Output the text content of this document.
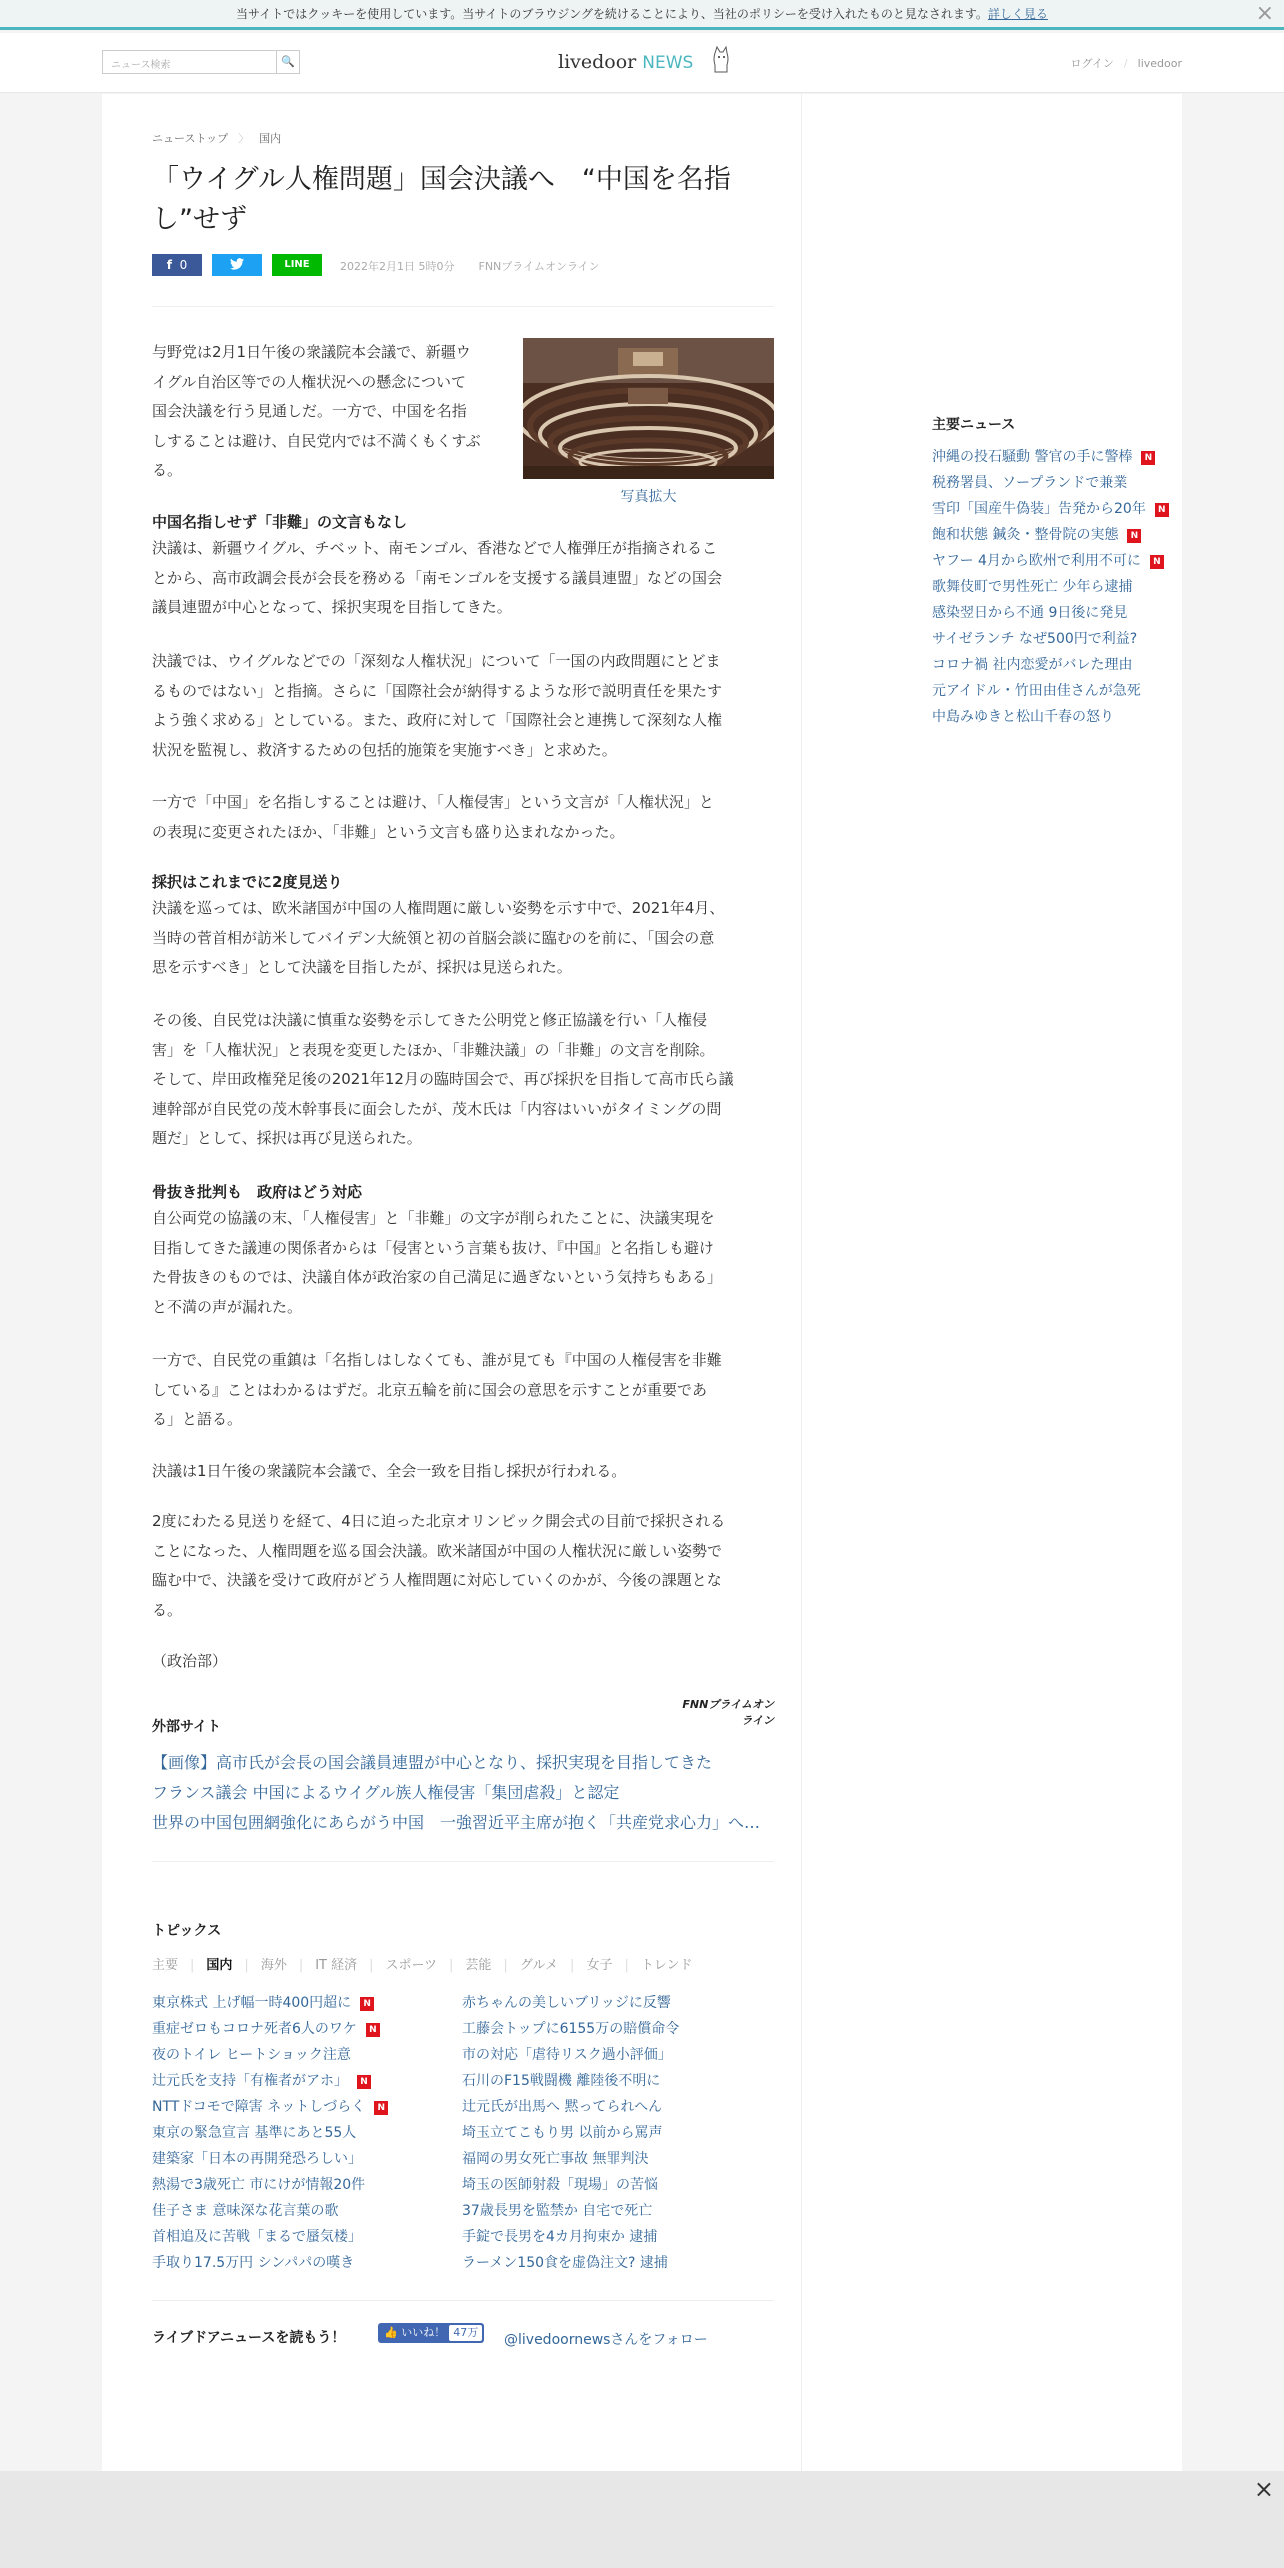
当サイトではクッキーを使用しています。当サイトのブラウジングを続けることにより、当社のポリシーを受け入れたものと見なされます。詳しく見る	×
ニュース検索	🔍	livedoor NEWS	ログイン / livedoor
ニューストップ 〉 国内
「ウイグル人権問題」国会決議へ　“中国を名指し”せず
f 0	LINE	2022年2月1日 5時0分 FNNプライムオンライン
写真拡大
与野党は2月1日午後の衆議院本会議で、新疆ウ
イグル自治区等での人権状況への懸念について
国会決議を行う見通しだ。一方で、中国を名指
しすることは避け、自民党内では不満くもくすぶ
る。
中国名指しせず「非難」の文言もなし
決議は、新疆ウイグル、チベット、南モンゴル、香港などで人権弾圧が指摘されるこ
とから、高市政調会長が会長を務める「南モンゴルを支援する議員連盟」などの国会
議員連盟が中心となって、採択実現を目指してきた。
決議では、ウイグルなどでの「深刻な人権状況」について「一国の内政問題にとどま
るものではない」と指摘。さらに「国際社会が納得するような形で説明責任を果たす
よう強く求める」としている。また、政府に対して「国際社会と連携して深刻な人権
状況を監視し、救済するための包括的施策を実施すべき」と求めた。
一方で「中国」を名指しすることは避け、「人権侵害」という文言が「人権状況」と
の表現に変更されたほか、「非難」という文言も盛り込まれなかった。
採択はこれまでに2度見送り
決議を巡っては、欧米諸国が中国の人権問題に厳しい姿勢を示す中で、2021年4月、
当時の菅首相が訪米してバイデン大統領と初の首脳会談に臨むのを前に、「国会の意
思を示すべき」として決議を目指したが、採択は見送られた。
その後、自民党は決議に慎重な姿勢を示してきた公明党と修正協議を行い「人権侵
害」を「人権状況」と表現を変更したほか、「非難決議」の「非難」の文言を削除。
そして、岸田政権発足後の2021年12月の臨時国会で、再び採択を目指して高市氏ら議
連幹部が自民党の茂木幹事長に面会したが、茂木氏は「内容はいいがタイミングの問
題だ」として、採択は再び見送られた。
骨抜き批判も　政府はどう対応
自公両党の協議の末、「人権侵害」と「非難」の文字が削られたことに、決議実現を
目指してきた議連の関係者からは「侵害という言葉も抜け、『中国』と名指しも避け
た骨抜きのものでは、決議自体が政治家の自己満足に過ぎないという気持ちもある」
と不満の声が漏れた。
一方で、自民党の重鎮は「名指しはしなくても、誰が見ても『中国の人権侵害を非難
している』ことはわかるはずだ。北京五輪を前に国会の意思を示すことが重要であ
る」と語る。
決議は1日午後の衆議院本会議で、全会一致を目指し採択が行われる。
2度にわたる見送りを経て、4日に迫った北京オリンピック開会式の目前で採択される
ことになった、人権問題を巡る国会決議。欧米諸国が中国の人権状況に厳しい姿勢で
臨む中で、決議を受けて政府がどう人権問題に対応していくのかが、今後の課題とな
る。
（政治部）
FNNプライムオンライン
外部サイト
【画像】高市氏が会長の国会議員連盟が中心となり、採択実現を目指してきた
フランス議会 中国によるウイグル族人権侵害「集団虐殺」と認定
世界の中国包囲網強化にあらがう中国　一強習近平主席が抱く「共産党求心力」へ…
トピックス
主要 | 国内 | 海外 | IT 経済 | スポーツ | 芸能 | グルメ | 女子 | トレンド
東京株式 上げ幅一時400円超に N
重症ゼロもコロナ死者6人のワケ N
夜のトイレ ヒートショック注意
辻元氏を支持「有権者がアホ」 N
NTTドコモで障害 ネットしづらく N
東京の緊急宣言 基準にあと55人
建築家「日本の再開発恐ろしい」
熱湯で3歳死亡 市にけが情報20件
佳子さま 意味深な花言葉の歌
首相追及に苦戦「まるで蜃気楼」
手取り17.5万円 シンパパの嘆き
赤ちゃんの美しいブリッジに反響
工藤会トップに6155万の賠償命令
市の対応「虐待リスク過小評価」
石川のF15戦闘機 離陸後不明に
辻元氏が出馬へ 黙ってられへん
埼玉立てこもり男 以前から罵声
福岡の男女死亡事故 無罪判決
埼玉の医師射殺「現場」の苦悩
37歳長男を監禁か 自宅で死亡
手錠で長男を4カ月拘束か 逮捕
ラーメン150食を虚偽注文? 逮捕
ライブドアニュースを読もう！	👍 いいね！ 47万	@livedoornewsさんをフォロー
主要ニュース
沖縄の投石騒動 警官の手に警棒 N
税務署員、ソープランドで兼業
雪印「国産牛偽装」告発から20年 N
飽和状態 鍼灸・整骨院の実態 N
ヤフー 4月から欧州で利用不可に N
歌舞伎町で男性死亡 少年ら逮捕
感染翌日から不通 9日後に発見
サイゼランチ なぜ500円で利益?
コロナ禍 社内恋愛がバレた理由
元アイドル・竹田由佳さんが急死
中島みゆきと松山千春の怒り
×
